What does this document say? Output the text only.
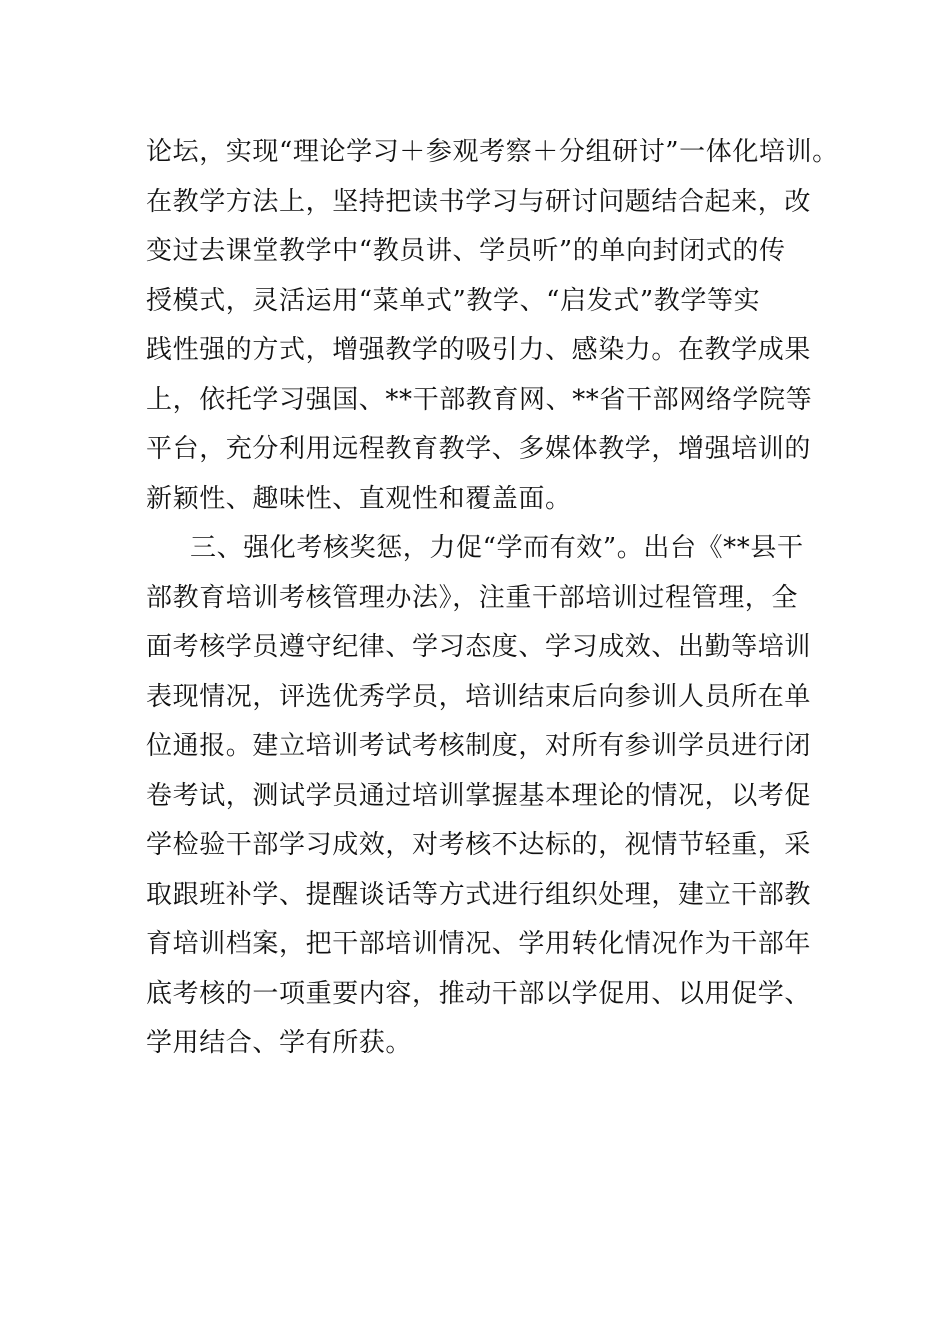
论坛，实现“理论学习＋参观考察＋分组研讨”一体化培训。
在教学方法上，坚持把读书学习与研讨问题结合起来，改
变过去课堂教学中“教员讲、学员听”的单向封闭式的传
授模式，灵活运用“菜单式”教学、“启发式”教学等实
践性强的方式，增强教学的吸引力、感染力。在教学成果
上，依托学习强国、**干部教育网、**省干部网络学院等
平台，充分利用远程教育教学、多媒体教学，增强培训的
新颖性、趣味性、直观性和覆盖面。
三、强化考核奖惩，力促“学而有效”。出台《**县干
部教育培训考核管理办法》，注重干部培训过程管理，全
面考核学员遵守纪律、学习态度、学习成效、出勤等培训
表现情况，评选优秀学员，培训结束后向参训人员所在单
位通报。建立培训考试考核制度，对所有参训学员进行闭
卷考试，测试学员通过培训掌握基本理论的情况，以考促
学检验干部学习成效，对考核不达标的，视情节轻重，采
取跟班补学、提醒谈话等方式进行组织处理，建立干部教
育培训档案，把干部培训情况、学用转化情况作为干部年
底考核的一项重要内容，推动干部以学促用、以用促学、
学用结合、学有所获。
